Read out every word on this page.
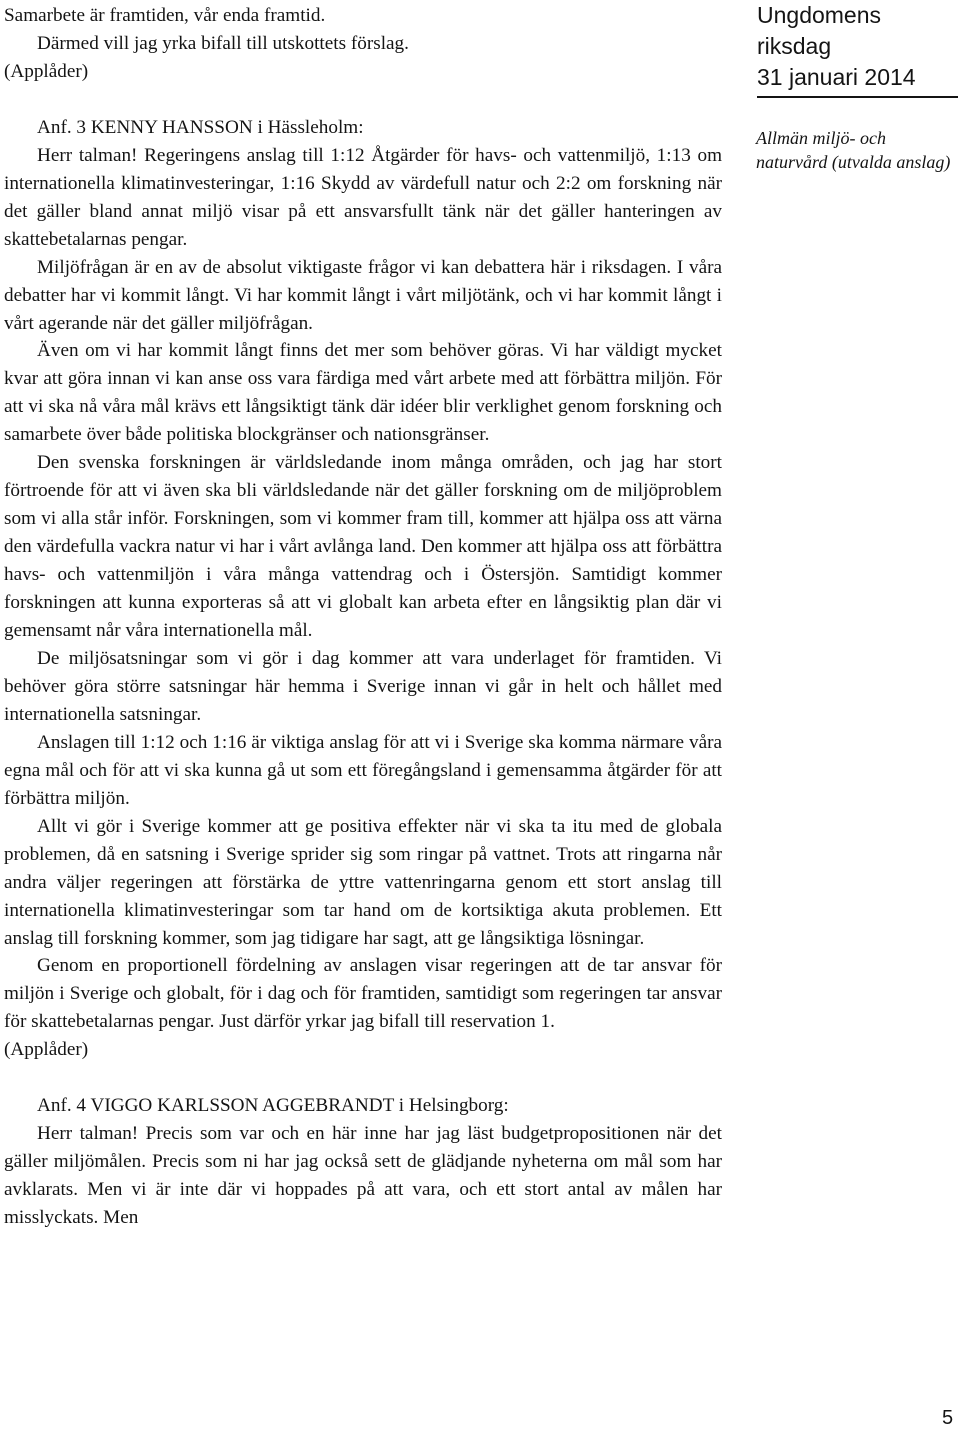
Samarbete är framtiden, vår enda framtid.

Därmed vill jag yrka bifall till utskottets förslag.

(Applåder)

Anf. 3 KENNY HANSSON i Hässleholm:

Herr talman! Regeringens anslag till 1:12 Åtgärder för havs- och vattenmiljö, 1:13 om internationella klimatinvesteringar, 1:16 Skydd av värdefull natur och 2:2 om forskning när det gäller bland annat miljö visar på ett ansvarsfullt tänk när det gäller hanteringen av skattebetalarnas pengar.

Miljöfrågan är en av de absolut viktigaste frågor vi kan debattera här i riksdagen. I våra debatter har vi kommit långt. Vi har kommit långt i vårt miljötänk, och vi har kommit långt i vårt agerande när det gäller miljöfrågan.

Även om vi har kommit långt finns det mer som behöver göras. Vi har väldigt mycket kvar att göra innan vi kan anse oss vara färdiga med vårt arbete med att förbättra miljön. För att vi ska nå våra mål krävs ett långsiktigt tänk där idéer blir verklighet genom forskning och samarbete över både politiska blockgränser och nationsgränser.

Den svenska forskningen är världsledande inom många områden, och jag har stort förtroende för att vi även ska bli världsledande när det gäller forskning om de miljöproblem som vi alla står inför. Forskningen, som vi kommer fram till, kommer att hjälpa oss att värna den värdefulla vackra natur vi har i vårt avlånga land. Den kommer att hjälpa oss att förbättra havs- och vattenmiljön i våra många vattendrag och i Östersjön. Samtidigt kommer forskningen att kunna exporteras så att vi globalt kan arbeta efter en långsiktig plan där vi gemensamt når våra internationella mål.

De miljösatsningar som vi gör i dag kommer att vara underlaget för framtiden. Vi behöver göra större satsningar här hemma i Sverige innan vi går in helt och hållet med internationella satsningar.

Anslagen till 1:12 och 1:16 är viktiga anslag för att vi i Sverige ska komma närmare våra egna mål och för att vi ska kunna gå ut som ett föregångsland i gemensamma åtgärder för att förbättra miljön.

Allt vi gör i Sverige kommer att ge positiva effekter när vi ska ta itu med de globala problemen, då en satsning i Sverige sprider sig som ringar på vattnet. Trots att ringarna når andra väljer regeringen att förstärka de yttre vattenringarna genom ett stort anslag till internationella klimatinvesteringar som tar hand om de kortsiktiga akuta problemen. Ett anslag till forskning kommer, som jag tidigare har sagt, att ge långsiktiga lösningar.

Genom en proportionell fördelning av anslagen visar regeringen att de tar ansvar för miljön i Sverige och globalt, för i dag och för framtiden, samtidigt som regeringen tar ansvar för skattebetalarnas pengar. Just därför yrkar jag bifall till reservation 1.

(Applåder)

Anf. 4 VIGGO KARLSSON AGGEBRANDT i Helsingborg:

Herr talman! Precis som var och en här inne har jag läst budgetpropositionen när det gäller miljömålen. Precis som ni har jag också sett de glädjande nyheterna om mål som har avklarats. Men vi är inte där vi hoppades på att vara, och ett stort antal av målen har misslyckats. Men

Ungdomens
riksdag
31 januari 2014
Allmän miljö- och naturvård (utvalda anslag)
5
